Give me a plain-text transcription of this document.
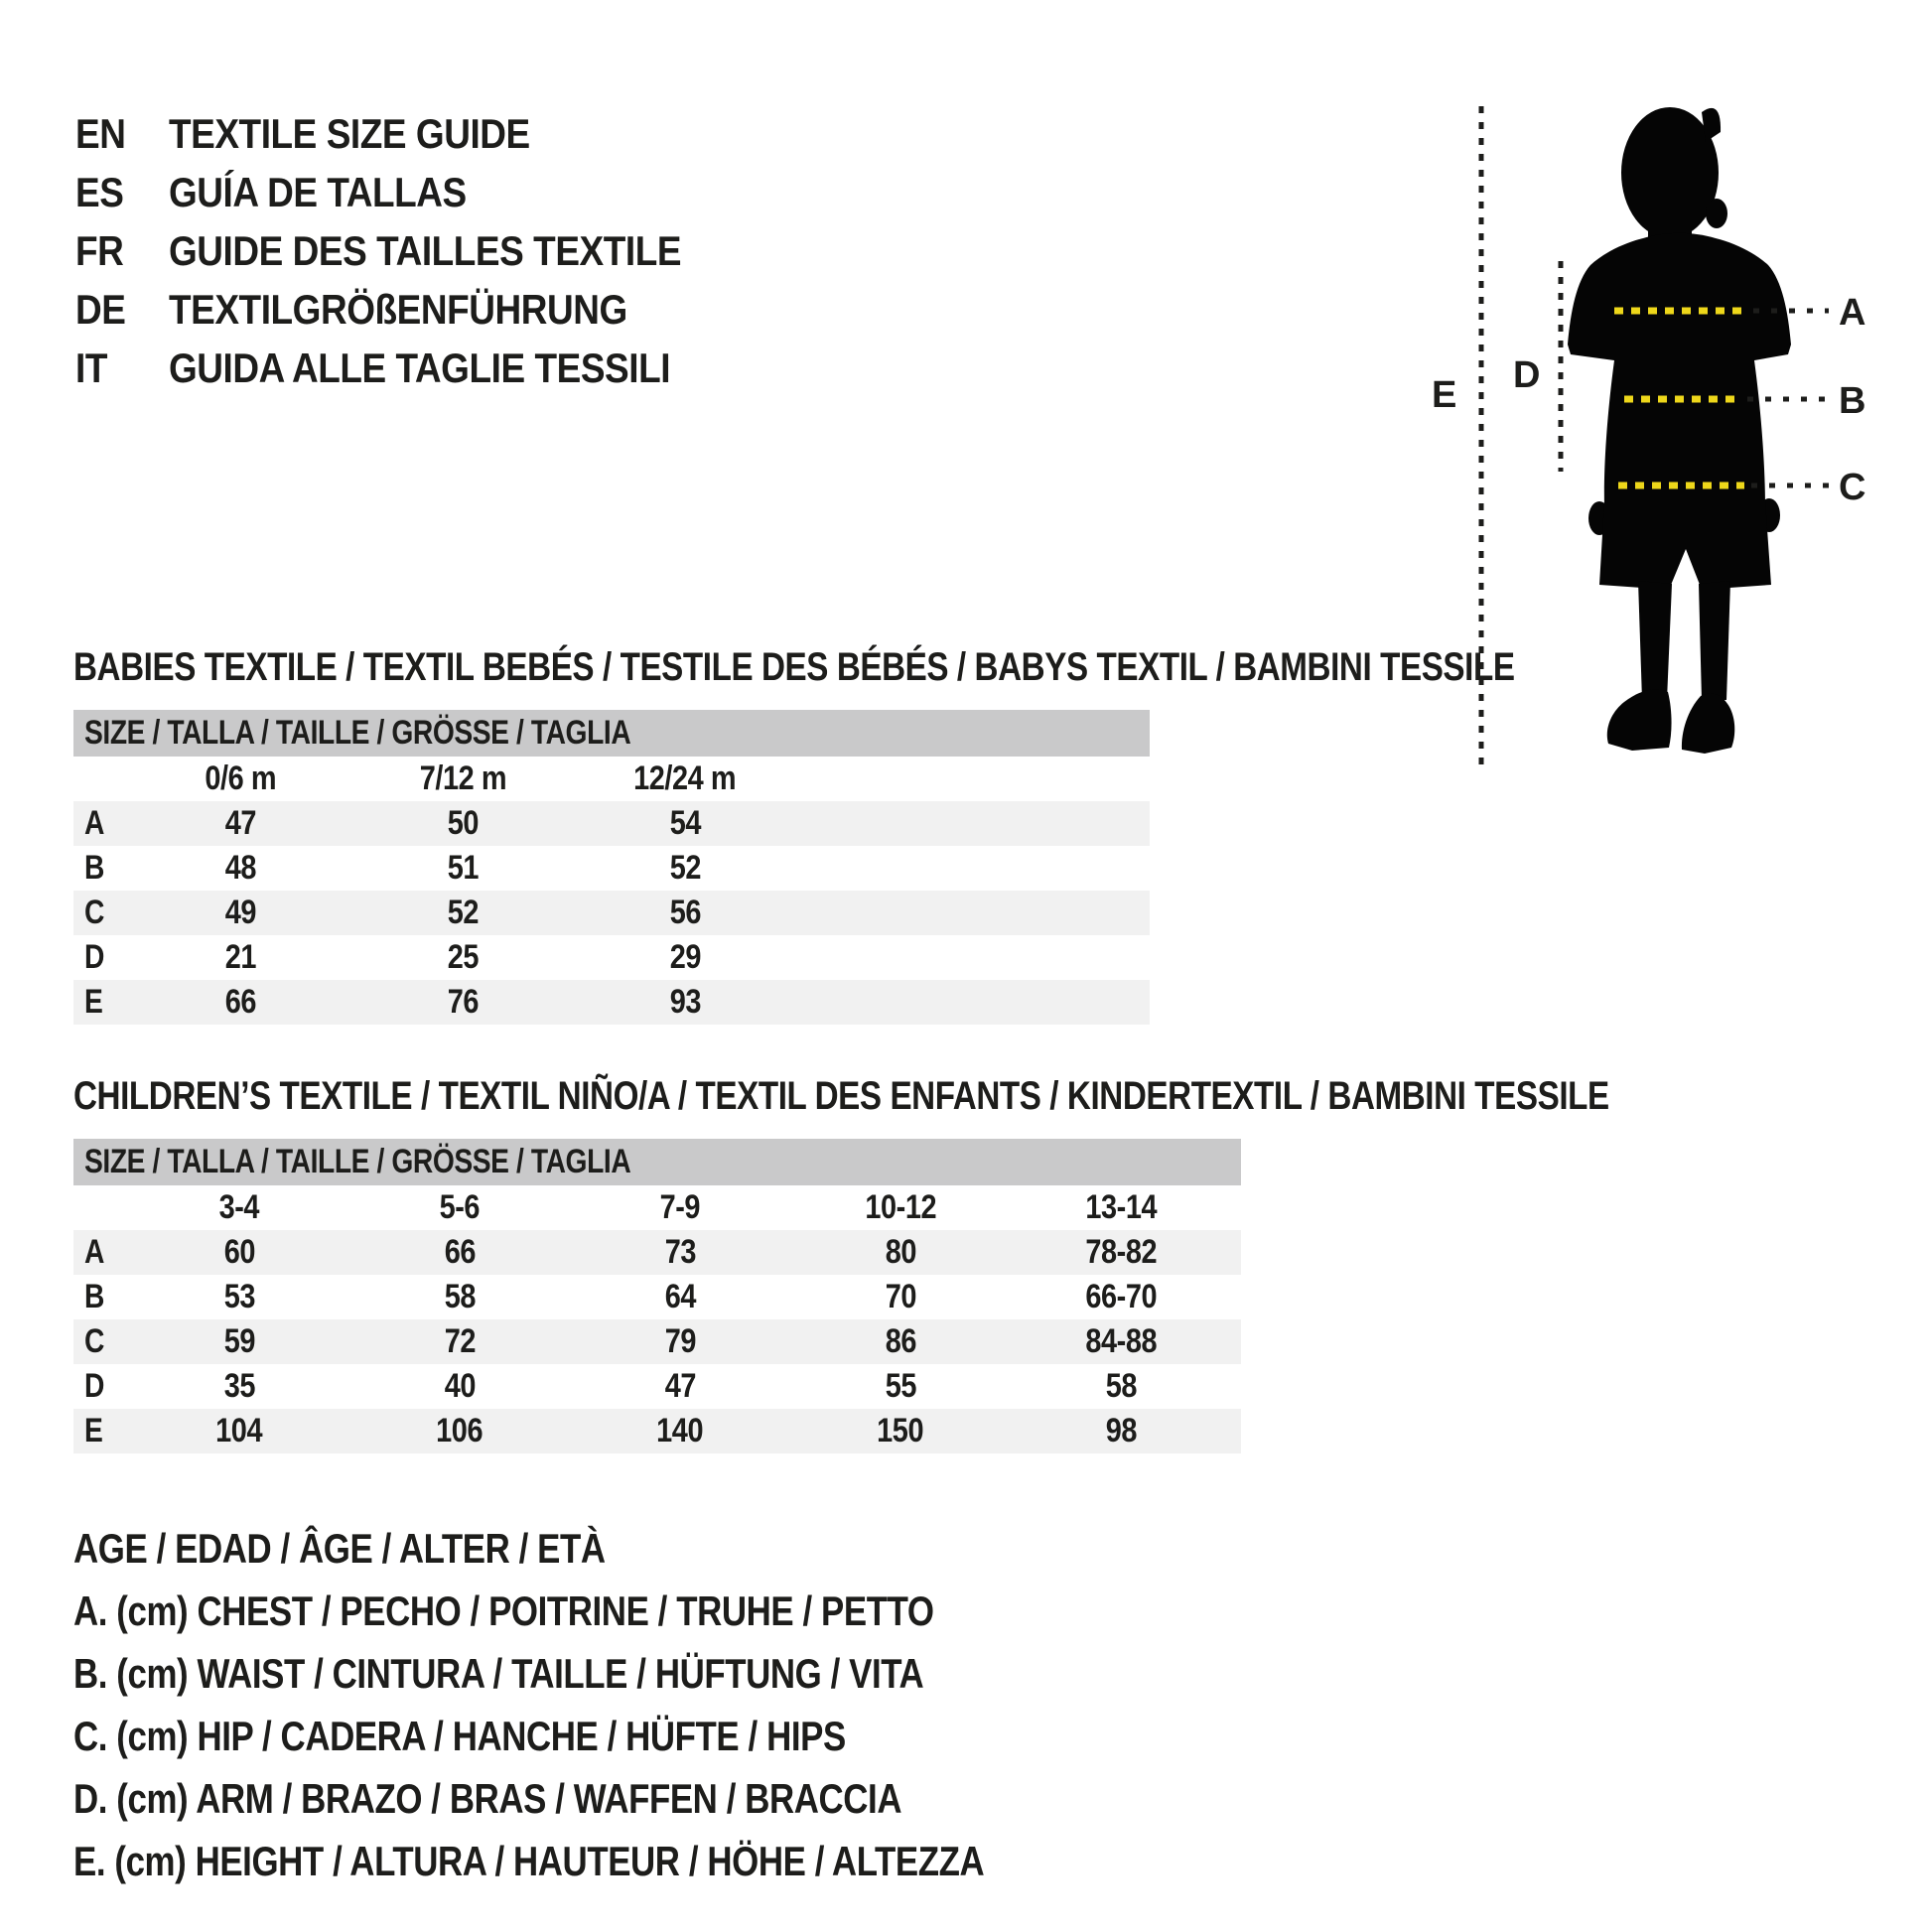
EN	TEXTILE SIZE GUIDE
ES	GUÍA DE TALLAS
FR	GUIDE DES TAILLES TEXTILE
DE	TEXTILGRÖßENFÜHRUNG
IT	GUIDA ALLE TAGLIE TESSILI
E D
A
B
C
BABIES TEXTILE / TEXTIL BEBÉS / TESTILE DES BÉBÉS / BABYS TEXTIL / BAMBINI TESSILE
SIZE / TALLA / TAILLE / GRÖSSE / TAGLIA
0/6 m	7/12 m	12/24 m
A	47	50	54
B	48	51	52
C	49	52	56
D	21	25	29
E	66	76	93
CHILDREN’S TEXTILE / TEXTIL NIÑO/A / TEXTIL DES ENFANTS / KINDERTEXTIL / BAMBINI TESSILE
SIZE / TALLA / TAILLE / GRÖSSE / TAGLIA
3-4	5-6	7-9	10-12	13-14
A	60	66	73	80	78-82
B	53	58	64	70	66-70
C	59	72	79	86	84-88
D	35	40	47	55	58
E	104	106	140	150	98
AGE / EDAD / ÂGE / ALTER / ETÀ
A. (cm) CHEST / PECHO / POITRINE / TRUHE / PETTO
B. (cm) WAIST / CINTURA / TAILLE / HÜFTUNG / VITA
C. (cm) HIP / CADERA / HANCHE / HÜFTE / HIPS
D. (cm) ARM / BRAZO / BRAS / WAFFEN / BRACCIA
E. (cm) HEIGHT / ALTURA / HAUTEUR / HÖHE / ALTEZZA
